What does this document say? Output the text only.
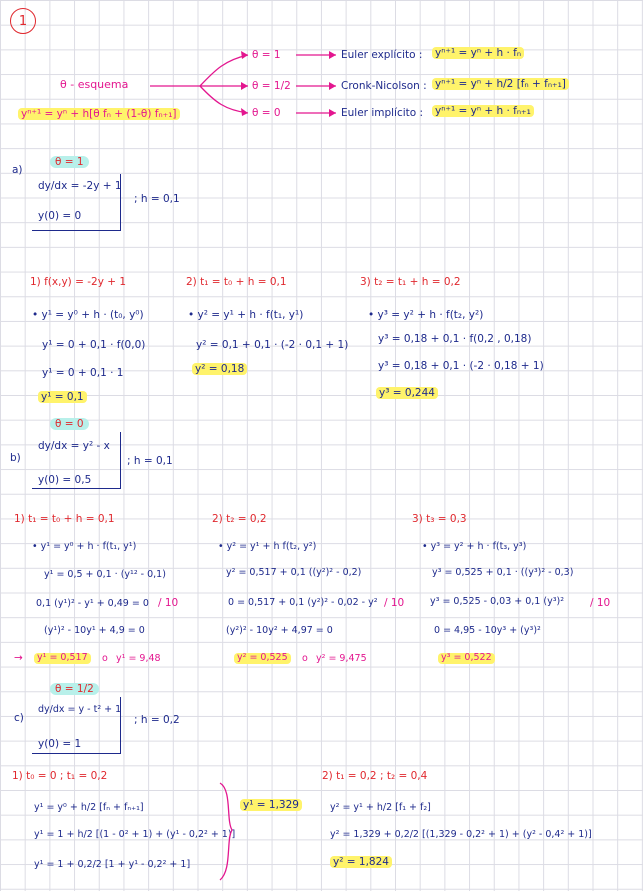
1
θ - esquema
yⁿ⁺¹ = yⁿ + h[θ fₙ + (1-θ) fₙ₊₁]
θ = 1
θ = 1/2
θ = 0
Euler explícito : yⁿ⁺¹ = yⁿ + h · fₙ
Cronk-Nicolson : yⁿ⁺¹ = yⁿ + h/2 [fₙ + fₙ₊₁]
Euler implícito : yⁿ⁺¹ = yⁿ + h · fₙ₊₁
a)
θ = 1
dy/dx = -2y + 1
y(0) = 0
; h = 0,1
1) f(x,y) = -2y + 1
• y¹ = y⁰ + h · (t₀, y⁰)
y¹ = 0 + 0,1 · f(0,0)
y¹ = 0 + 0,1 · 1
y¹ = 0,1
2) t₁ = t₀ + h = 0,1
• y² = y¹ + h · f(t₁, y¹)
y² = 0,1 + 0,1 · (-2 · 0,1 + 1)
y² = 0,18
3) t₂ = t₁ + h = 0,2
• y³ = y² + h · f(t₂, y²)
y³ = 0,18 + 0,1 · f(0,2 , 0,18)
y³ = 0,18 + 0,1 · (-2 · 0,18 + 1)
y³ = 0,244
θ = 0
b)
dy/dx = y² - x
y(0) = 0,5
; h = 0,1
1) t₁ = t₀ + h = 0,1
• y¹ = y⁰ + h · f(t₁, y¹)
y¹ = 0,5 + 0,1 · (y¹² - 0,1)
0,1 (y¹)² - y¹ + 0,49 = 0 / 10
(y¹)² - 10y¹ + 4,9 = 0
→	y¹ = 0,517	o y¹ = 9,48
2) t₂ = 0,2
• y² = y¹ + h f(t₂, y²)
y² = 0,517 + 0,1 ((y²)² - 0,2)
0 = 0,517 + 0,1 (y²)² - 0,02 - y² / 10
(y²)² - 10y² + 4,97 = 0
y² = 0,525	o y² = 9,475
3) t₃ = 0,3
• y³ = y² + h · f(t₃, y³)
y³ = 0,525 + 0,1 · ((y³)² - 0,3)
y³ = 0,525 - 0,03 + 0,1 (y³)² / 10
0 = 4,95 - 10y³ + (y³)²
y³ = 0,522
θ = 1/2
c)
dy/dx = y - t² + 1
y(0) = 1
; h = 0,2
1) t₀ = 0 ; t₁ = 0,2
y¹ = y⁰ + h/2 [fₙ + fₙ₊₁]
y¹ = 1 + h/2 [(1 - 0² + 1) + (y¹ - 0,2² + 1)]
y¹ = 1 + 0,2/2 [1 + y¹ - 0,2² + 1]
y¹ = 1,329
2) t₁ = 0,2 ; t₂ = 0,4
y² = y¹ + h/2 [f₁ + f₂]
y² = 1,329 + 0,2/2 [(1,329 - 0,2² + 1) + (y² - 0,4² + 1)]
y² = 1,824
